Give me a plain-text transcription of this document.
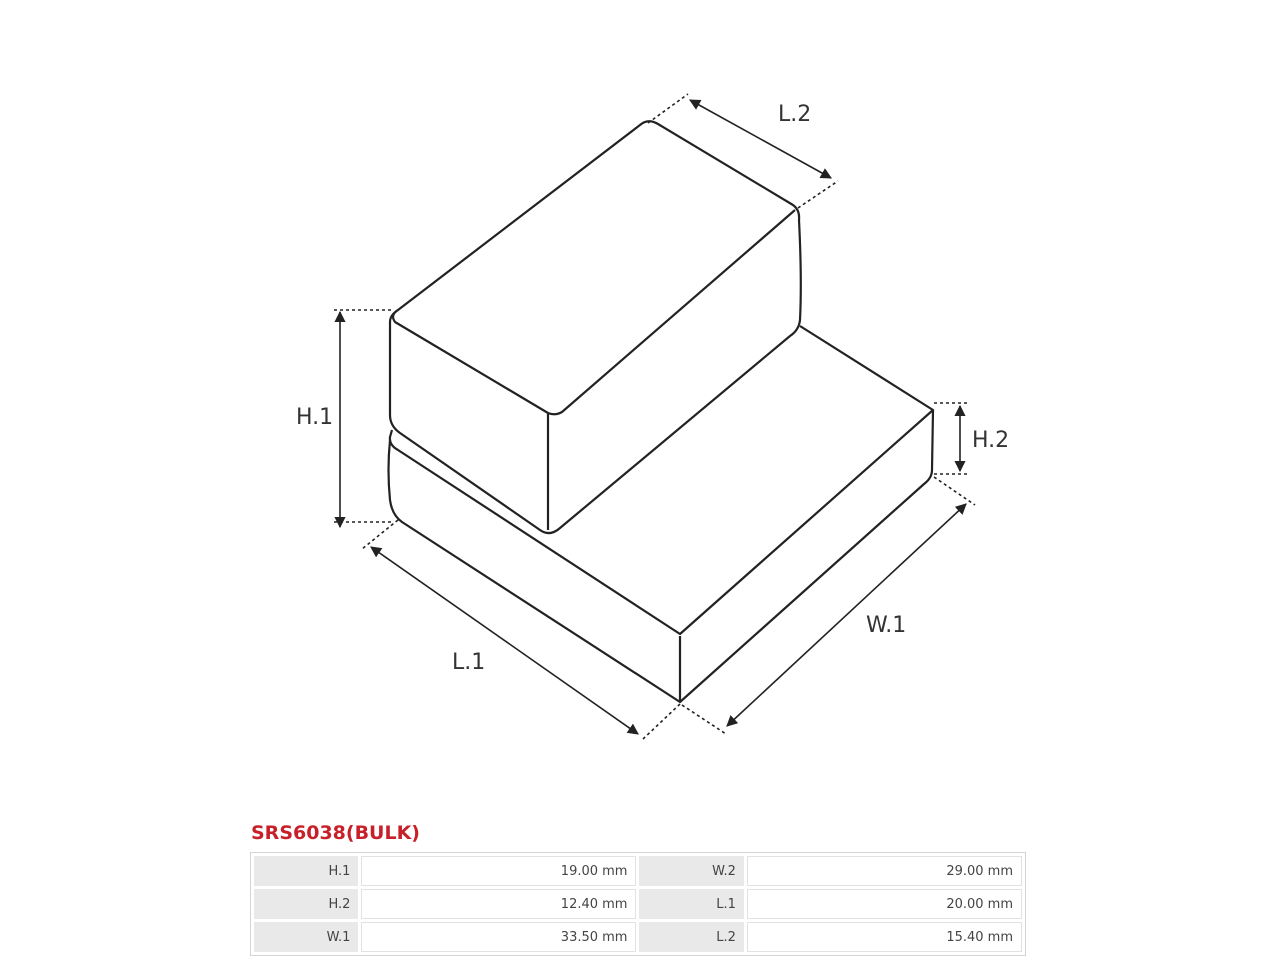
L.2
H.1
H.2
L.1
W.1
SRS6038(BULK)
H.1	19.00 mm	W.2	29.00 mm
H.2	12.40 mm	L.1	20.00 mm
W.1	33.50 mm	L.2	15.40 mm
